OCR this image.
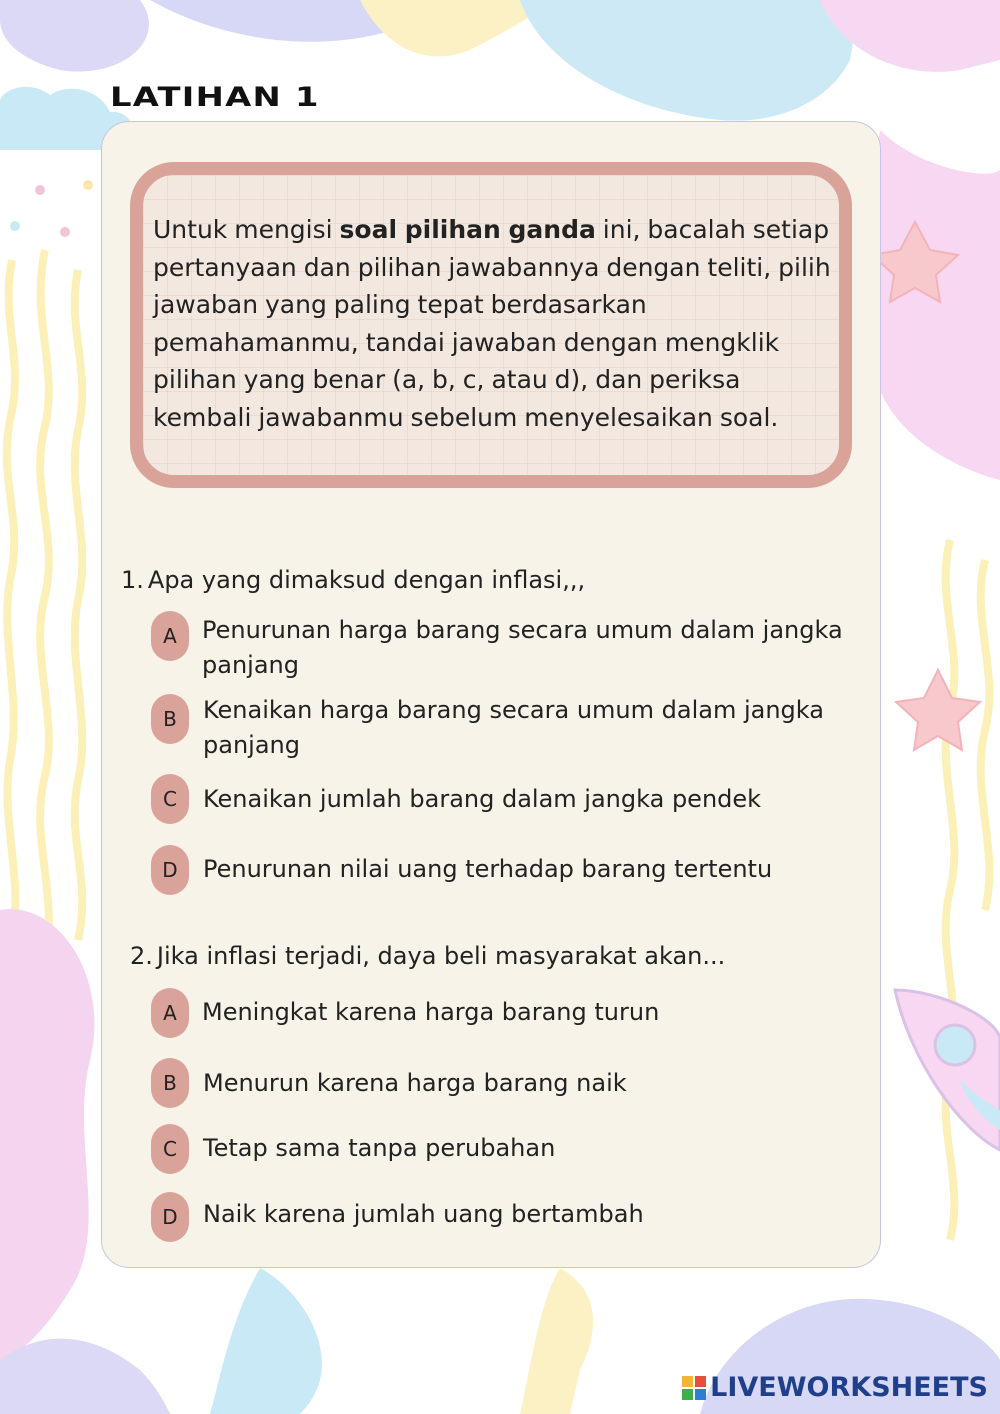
LATIHAN 1
Untuk mengisi soal pilihan ganda ini, bacalah setiap pertanyaan dan pilihan jawabannya dengan teliti, pilih jawaban yang paling tepat berdasarkan pemahamanmu, tandai jawaban dengan mengklik pilihan yang benar (a, b, c, atau d), dan periksa kembali jawabanmu sebelum menyelesaikan soal.
1. Apa yang dimaksud dengan inflasi,,,
A	Penurunan harga barang secara umum dalam jangka panjang
B	Kenaikan harga barang secara umum dalam jangka panjang
C	Kenaikan jumlah barang dalam jangka pendek
D	Penurunan nilai uang terhadap barang tertentu
2. Jika inflasi terjadi, daya beli masyarakat akan...
A	Meningkat karena harga barang turun
B	Menurun karena harga barang naik
C	Tetap sama tanpa perubahan
D	Naik karena jumlah uang bertambah
LIVEWORKSHEETS
